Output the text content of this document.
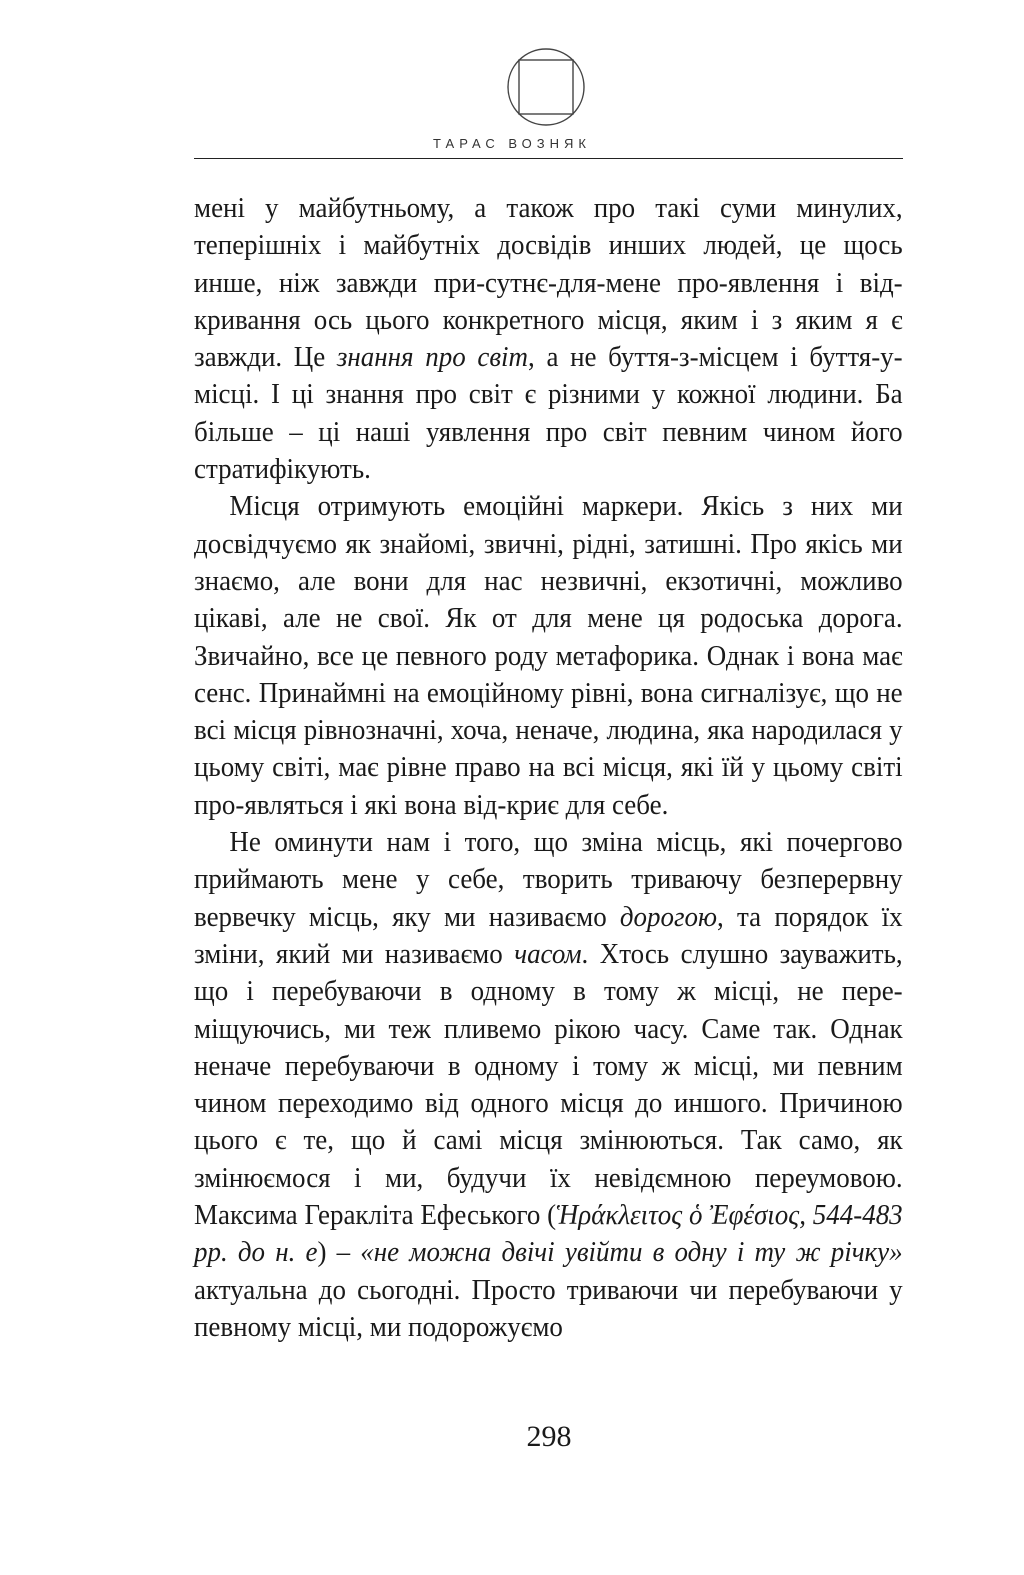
ТАРАС ВОЗНЯК

мені у майбутньому, а також про такі суми минулих, теперішніх і майбутніх досвідів инших людей, це щось инше, ніж завжди при-сутнє-для-мене про-явлення і від-кривання ось цього конкретного місця, яким і з яким я є завжди. Це знання про світ, а не буття-з-місцем і буття-у-місці. І ці знання про світ є різними у кожної людини. Ба більше – ці наші уявлення про світ певним чином його стратифікують.

Місця отримують емоційні маркери. Якісь з них ми досвідчуємо як знайомі, звичні, рідні, затишні. Про якісь ми знаємо, але вони для нас незвичні, екзотичні, можливо цікаві, але не свої. Як от для мене ця родоська дорога. Звичайно, все це певного роду метафорика. Однак і вона має сенс. Принаймні на емоційному рівні, вона сигналізує, що не всі місця рівнозначні, хоча, неначе, людина, яка народилася у цьому світі, має рівне право на всі місця, які їй у цьому світі про-являться і які вона від-криє для себе.

Не оминути нам і того, що зміна місць, які почергово приймають мене у себе, творить триваючу безперервну вервечку місць, яку ми називаємо дорогою, та порядок їх зміни, який ми називаємо часом. Хтось слушно зауважить, що і перебуваючи в одному в тому ж місці, не пере-міщуючись, ми теж пливемо рікою часу. Саме так. Однак неначе перебуваючи в одному і тому ж місці, ми певним чином переходимо від одного місця до иншого. Причиною цього є те, що й самі місця змінюються. Так само, як змінюємося і ми, будучи їх невідємною переумовою. Максима Геракліта Ефеського (Ἡράκλειτος ὁ Ἐφέσιος, 544-483 рр. до н. е) – «не можна двічі увійти в одну і ту ж річку» актуальна до сьогодні. Просто триваючи чи перебуваючи у певному місці, ми подорожуємо

298
